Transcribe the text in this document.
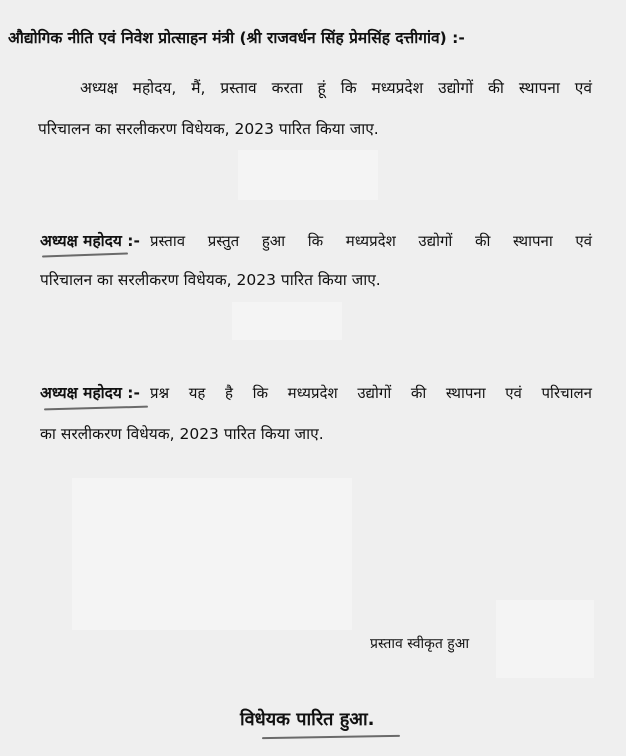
औद्योगिक नीति एवं निवेश प्रोत्साहन मंत्री (श्री राजवर्धन सिंह प्रेमसिंह दत्तीगांव) :-
अध्यक्ष महोदय, मैं, प्रस्ताव करता हूं कि मध्यप्रदेश उद्योगों की स्थापना एवं
परिचालन का सरलीकरण विधेयक, 2023 पारित किया जाए.
अध्यक्ष महोदय :- प्रस्ताव प्रस्तुत हुआ कि मध्यप्रदेश उद्योगों की स्थापना एवं
परिचालन का सरलीकरण विधेयक, 2023 पारित किया जाए.
अध्यक्ष महोदय :- प्रश्न यह है कि मध्यप्रदेश उद्योगों की स्थापना एवं परिचालन
का सरलीकरण विधेयक, 2023 पारित किया जाए.
प्रस्ताव स्वीकृत हुआ
विधेयक पारित हुआ.
